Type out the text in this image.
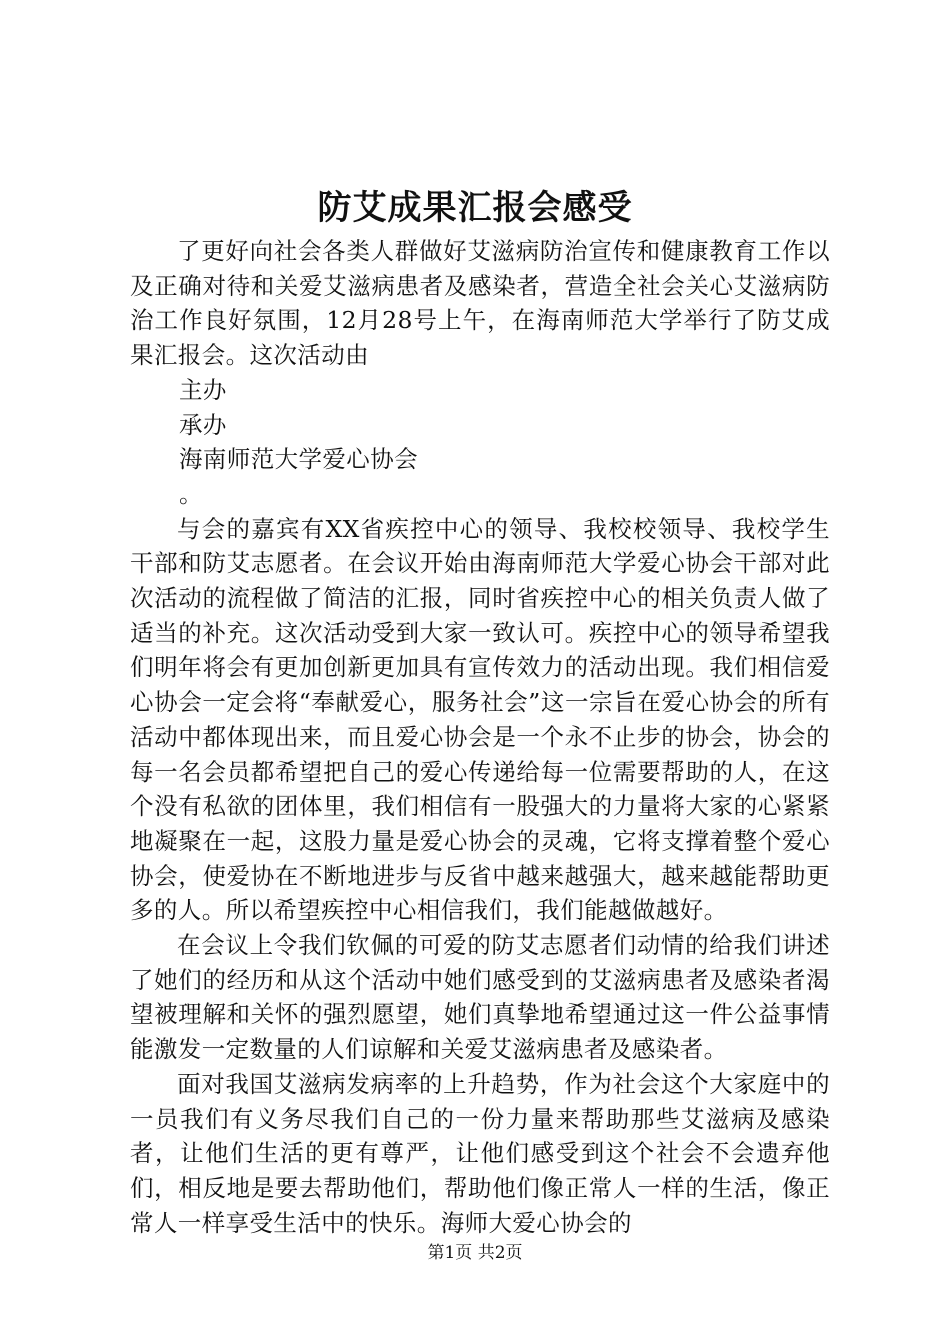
防艾成果汇报会感受

了更好向社会各类人群做好艾滋病防治宣传和健康教育工作以及正确对待和关爱艾滋病患者及感染者，营造全社会关心艾滋病防治工作良好氛围，12月28号上午，在海南师范大学举行了防艾成果汇报会。这次活动由

主办

承办

海南师范大学爱心协会

。

与会的嘉宾有XX省疾控中心的领导、我校校领导、我校学生干部和防艾志愿者。在会议开始由海南师范大学爱心协会干部对此次活动的流程做了简洁的汇报，同时省疾控中心的相关负责人做了适当的补充。这次活动受到大家一致认可。疾控中心的领导希望我们明年将会有更加创新更加具有宣传效力的活动出现。我们相信爱心协会一定会将“奉献爱心，服务社会”这一宗旨在爱心协会的所有活动中都体现出来，而且爱心协会是一个永不止步的协会，协会的每一名会员都希望把自己的爱心传递给每一位需要帮助的人，在这个没有私欲的团体里，我们相信有一股强大的力量将大家的心紧紧地凝聚在一起，这股力量是爱心协会的灵魂，它将支撑着整个爱心协会，使爱协在不断地进步与反省中越来越强大，越来越能帮助更多的人。所以希望疾控中心相信我们，我们能越做越好。

在会议上令我们钦佩的可爱的防艾志愿者们动情的给我们讲述了她们的经历和从这个活动中她们感受到的艾滋病患者及感染者渴望被理解和关怀的强烈愿望，她们真挚地希望通过这一件公益事情能激发一定数量的人们谅解和关爱艾滋病患者及感染者。

面对我国艾滋病发病率的上升趋势，作为社会这个大家庭中的一员我们有义务尽我们自己的一份力量来帮助那些艾滋病及感染者，让他们生活的更有尊严，让他们感受到这个社会不会遗弃他们，相反地是要去帮助他们，帮助他们像正常人一样的生活，像正常人一样享受生活中的快乐。海师大爱心协会的

第1页 共2页
